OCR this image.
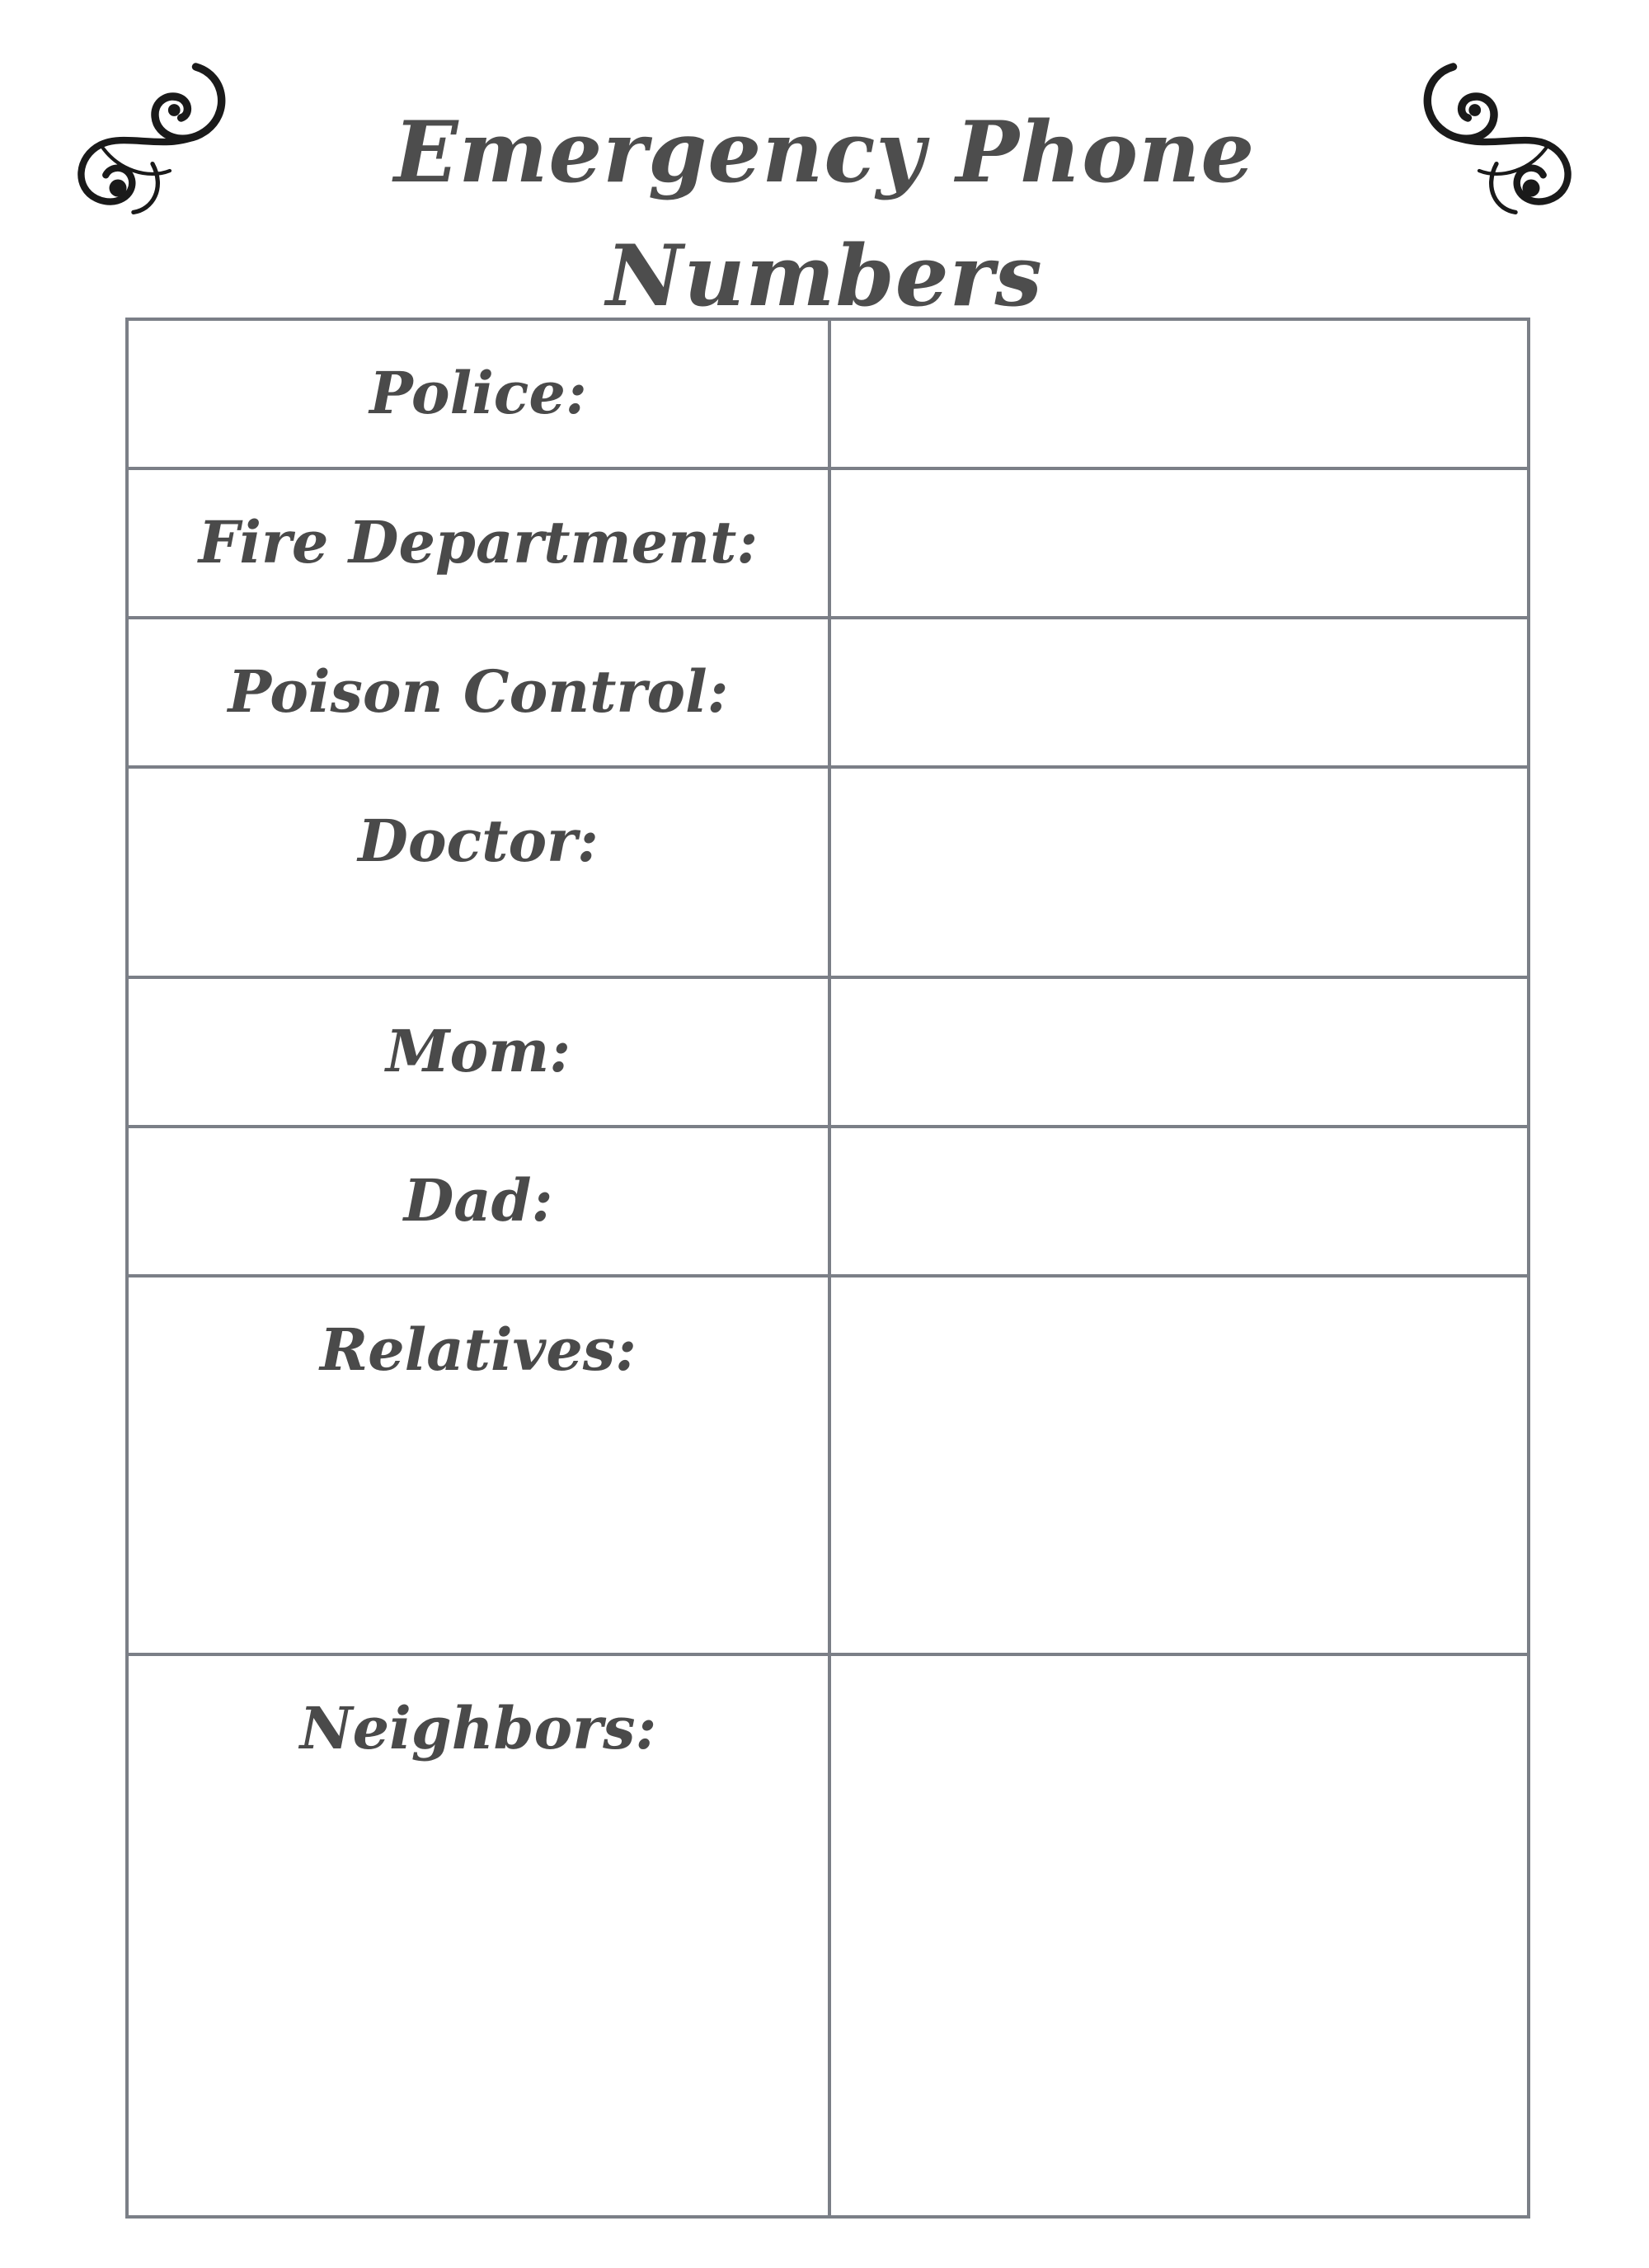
Emergency Phone Numbers
Police:

Fire Department:

Poison Control:

Doctor:

Mom:

Dad:

Relatives:

Neighbors:
